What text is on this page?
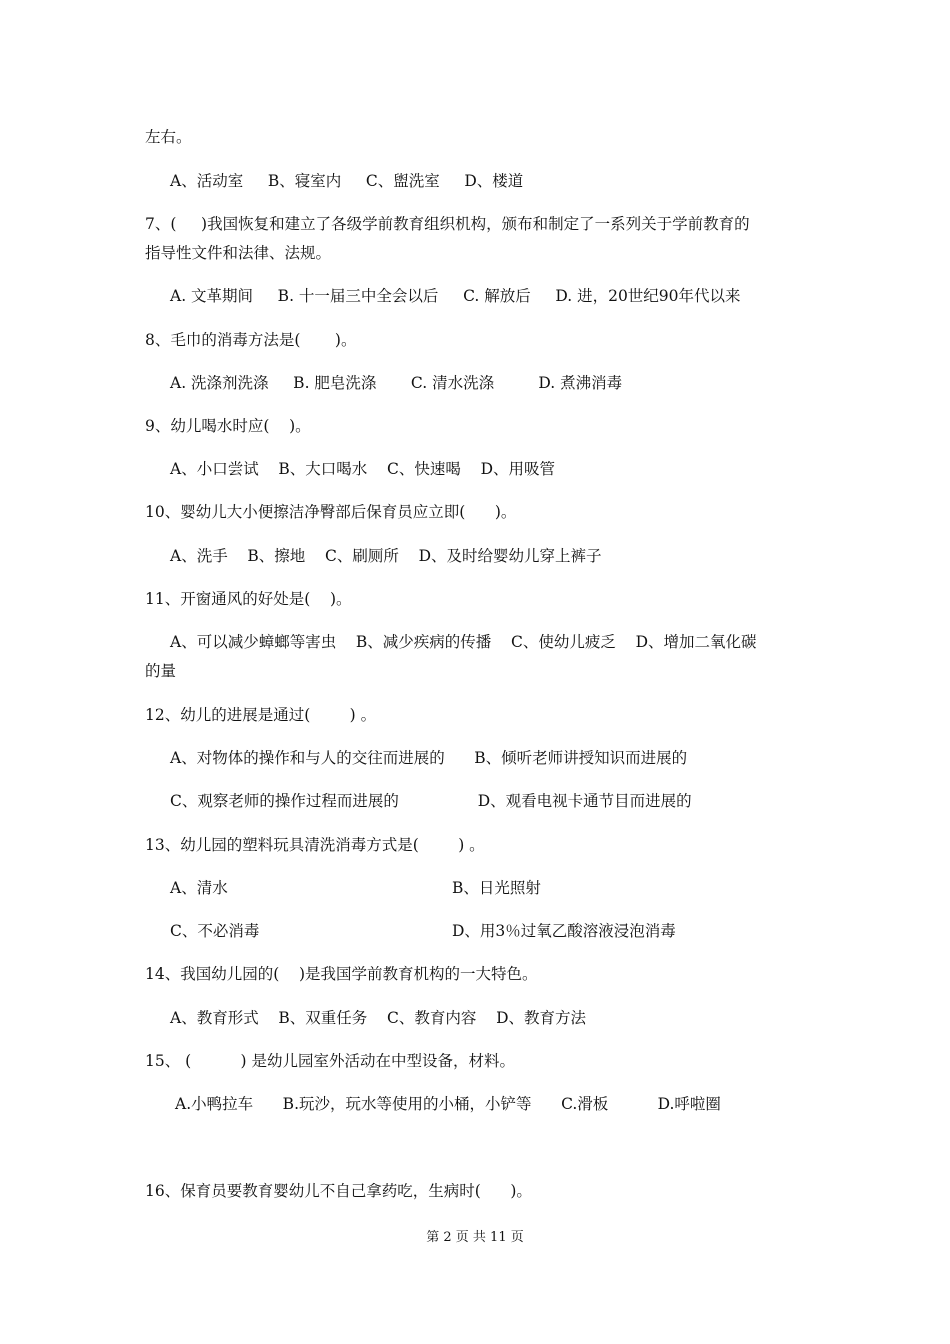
左右。
A、活动室     B、寝室内     C、盥洗室     D、楼道
7、(     )我国恢复和建立了各级学前教育组织机构，颁布和制定了一系列关于学前教育的
指导性文件和法律、法规。
A. 文革期间     B. 十一届三中全会以后     C. 解放后     D. 进，20世纪90年代以来
8、毛巾的消毒方法是(       )。
A. 洗涤剂洗涤     B. 肥皂洗涤       C. 清水洗涤         D. 煮沸消毒
9、幼儿喝水时应(    )。
A、小口尝试    B、大口喝水    C、快速喝    D、用吸管
10、婴幼儿大小便擦洁净臀部后保育员应立即(      )。
A、洗手    B、擦地    C、刷厕所    D、及时给婴幼儿穿上裤子
11、开窗通风的好处是(    )。
A、可以减少蟑螂等害虫    B、减少疾病的传播    C、使幼儿疲乏    D、增加二氧化碳
的量
12、幼儿的进展是通过(        ) 。
A、对物体的操作和与人的交往而进展的      B、倾听老师讲授知识而进展的
C、观察老师的操作过程而进展的                D、观看电视卡通节目而进展的
13、幼儿园的塑料玩具清洗消毒方式是(        ) 。
A、清水	B、日光照射
C、不必消毒	D、用3％过氧乙酸溶液浸泡消毒
14、我国幼儿园的(    )是我国学前教育机构的一大特色。
A、教育形式    B、双重任务    C、教育内容    D、教育方法
15、 (          ) 是幼儿园室外活动在中型设备，材料。
A.小鸭拉车      B.玩沙，玩水等使用的小桶，小铲等      C.滑板          D.呼啦圈
16、保育员要教育婴幼儿不自己拿药吃，生病时(      )。
第 2 页 共 11 页
